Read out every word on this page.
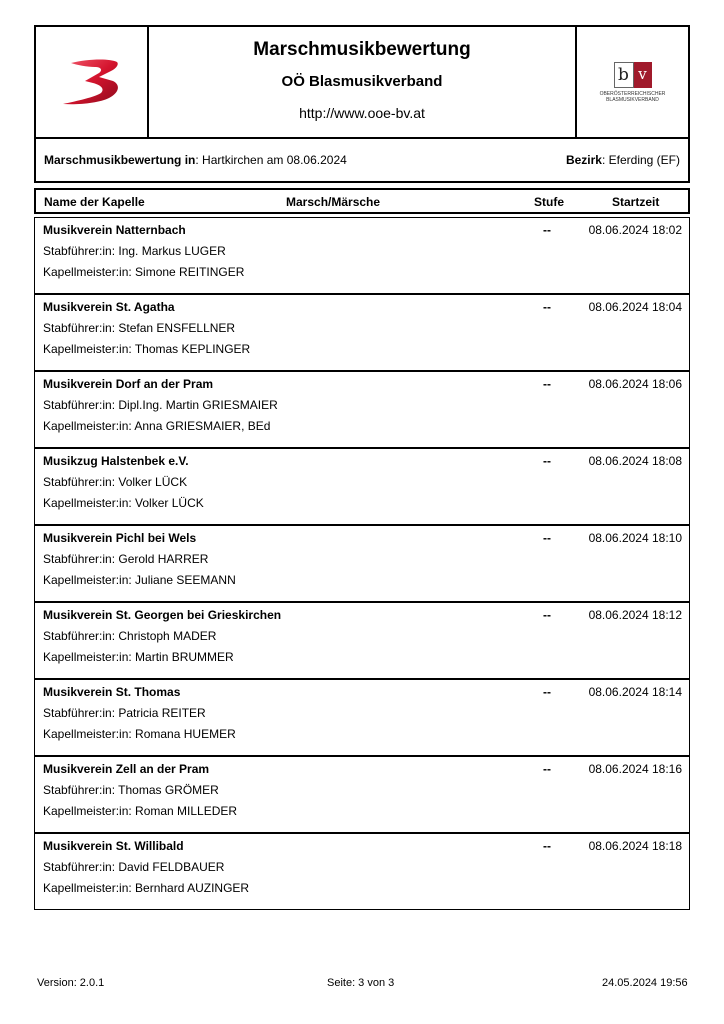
Marschmusikbewertung
OÖ Blasmusikverband
http://www.ooe-bv.at
b v
OBERÖSTERREICHISCHER
BLASMUSIKVERBAND
Marschmusikbewertung in: Hartkirchen am 08.06.2024	Bezirk: Eferding (EF)
Name der Kapelle	Marsch/Märsche	Stufe	Startzeit
Musikverein Natternbach
Stabführer:in: Ing. Markus LUGER
Kapellmeister:in: Simone REITINGER
--	08.06.2024 18:02
Musikverein St. Agatha
Stabführer:in: Stefan ENSFELLNER
Kapellmeister:in: Thomas KEPLINGER
--	08.06.2024 18:04
Musikverein Dorf an der Pram
Stabführer:in: Dipl.Ing. Martin GRIESMAIER
Kapellmeister:in: Anna GRIESMAIER, BEd
--	08.06.2024 18:06
Musikzug Halstenbek e.V.
Stabführer:in: Volker LÜCK
Kapellmeister:in: Volker LÜCK
--	08.06.2024 18:08
Musikverein Pichl bei Wels
Stabführer:in: Gerold HARRER
Kapellmeister:in: Juliane SEEMANN
--	08.06.2024 18:10
Musikverein St. Georgen bei Grieskirchen
Stabführer:in: Christoph MADER
Kapellmeister:in: Martin BRUMMER
--	08.06.2024 18:12
Musikverein St. Thomas
Stabführer:in: Patricia REITER
Kapellmeister:in: Romana HUEMER
--	08.06.2024 18:14
Musikverein Zell an der Pram
Stabführer:in: Thomas GRÖMER
Kapellmeister:in: Roman MILLEDER
--	08.06.2024 18:16
Musikverein St. Willibald
Stabführer:in: David FELDBAUER
Kapellmeister:in: Bernhard AUZINGER
--	08.06.2024 18:18
Version: 2.0.1	Seite: 3 von 3	24.05.2024 19:56
